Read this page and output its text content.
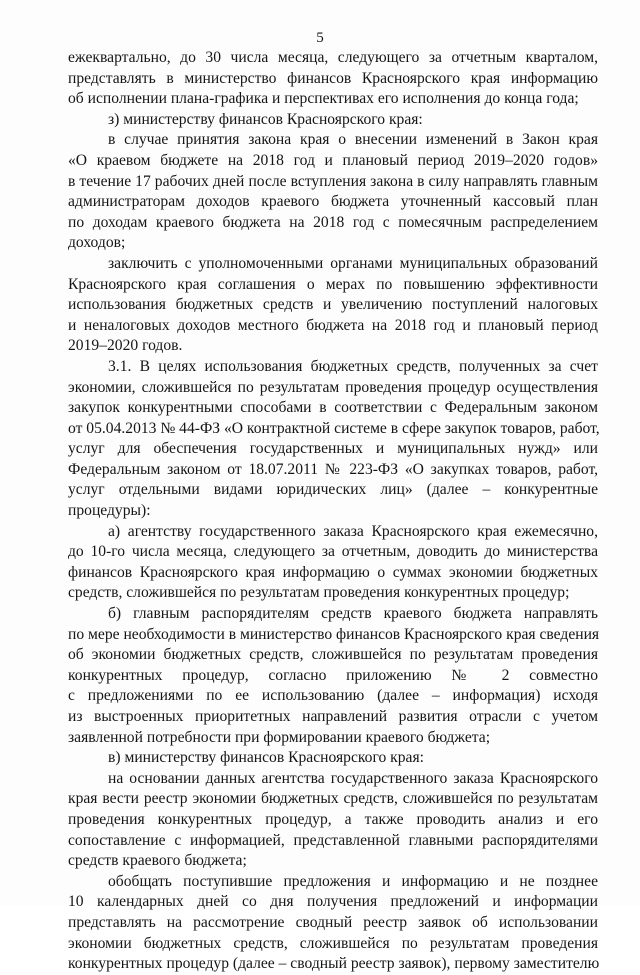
5
ежеквартально, до 30 числа месяца, следующего за отчетным кварталом,
представлять в министерство финансов Красноярского края информацию
об исполнении плана-графика и перспективах его исполнения до конца года;
з) министерству финансов Красноярского края:
в случае принятия закона края о внесении изменений в Закон края
«О краевом бюджете на 2018 год и плановый период 2019–2020 годов»
в течение 17 рабочих дней после вступления закона в силу направлять главным
администраторам доходов краевого бюджета уточненный кассовый план
по доходам краевого бюджета на 2018 год с помесячным распределением
доходов;
заключить с уполномоченными органами муниципальных образований
Красноярского края соглашения о мерах по повышению эффективности
использования бюджетных средств и увеличению поступлений налоговых
и неналоговых доходов местного бюджета на 2018 год и плановый период
2019–2020 годов.
3.1. В целях использования бюджетных средств, полученных за счет
экономии, сложившейся по результатам проведения процедур осуществления
закупок конкурентными способами в соответствии с Федеральным законом
от 05.04.2013 № 44-ФЗ «О контрактной системе в сфере закупок товаров, работ,
услуг для обеспечения государственных и муниципальных нужд» или
Федеральным законом от 18.07.2011 № 223-ФЗ «О закупках товаров, работ,
услуг отдельными видами юридических лиц» (далее – конкурентные
процедуры):
а) агентству государственного заказа Красноярского края ежемесячно,
до 10-го числа месяца, следующего за отчетным, доводить до министерства
финансов Красноярского края информацию о суммах экономии бюджетных
средств, сложившейся по результатам проведения конкурентных процедур;
б) главным распорядителям средств краевого бюджета направлять
по мере необходимости в министерство финансов Красноярского края сведения
об экономии бюджетных средств, сложившейся по результатам проведения
конкурентных процедур, согласно приложению № 2 совместно
с предложениями по ее использованию (далее – информация) исходя
из выстроенных приоритетных направлений развития отрасли с учетом
заявленной потребности при формировании краевого бюджета;
в) министерству финансов Красноярского края:
на основании данных агентства государственного заказа Красноярского
края вести реестр экономии бюджетных средств, сложившейся по результатам
проведения конкурентных процедур, а также проводить анализ и его
сопоставление с информацией, представленной главными распорядителями
средств краевого бюджета;
обобщать поступившие предложения и информацию и не позднее
10 календарных дней со дня получения предложений и информации
представлять на рассмотрение сводный реестр заявок об использовании
экономии бюджетных средств, сложившейся по результатам проведения
конкурентных процедур (далее – сводный реестр заявок), первому заместителю
